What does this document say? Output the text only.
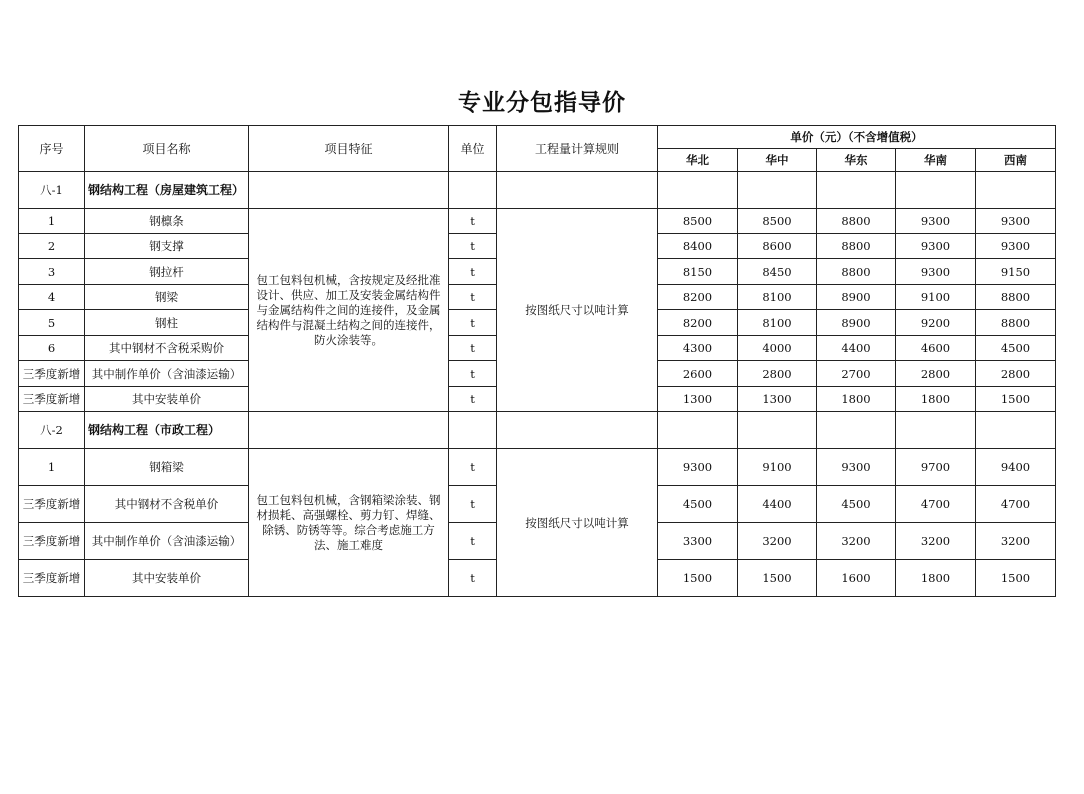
专业分包指导价
序号	项目名称	项目特征	单位	工程量计算规则	单价（元）（不含增值税）				
					华北	华中	华东	华南	西南
八-1	钢结构工程（房屋建筑工程）								
1	钢檩条	包工包料包机械，含按规定及经批准设计、供应、加工及安装金属结构件与金属结构件之间的连接件，及金属结构件与混凝土结构之间的连接件，防火涂装等。	t	按图纸尺寸以吨计算	8500	8500	8800	9300	9300
2	钢支撑		t		8400	8600	8800	9300	9300
3	钢拉杆		t		8150	8450	8800	9300	9150
4	钢梁		t		8200	8100	8900	9100	8800
5	钢柱		t		8200	8100	8900	9200	8800
6	其中钢材不含税采购价		t		4300	4000	4400	4600	4500
三季度新增	其中制作单价（含油漆运输）		t		2600	2800	2700	2800	2800
三季度新增	其中安装单价		t		1300	1300	1800	1800	1500
八-2	钢结构工程（市政工程）								
1	钢箱梁	包工包料包机械，含钢箱梁涂装、钢材损耗、高强螺栓、剪力钉、焊缝、除锈、防锈等等。综合考虑施工方法、施工难度	t	按图纸尺寸以吨计算	9300	9100	9300	9700	9400
三季度新增	其中钢材不含税单价		t		4500	4400	4500	4700	4700
三季度新增	其中制作单价（含油漆运输）		t		3300	3200	3200	3200	3200
三季度新增	其中安装单价		t		1500	1500	1600	1800	1500
